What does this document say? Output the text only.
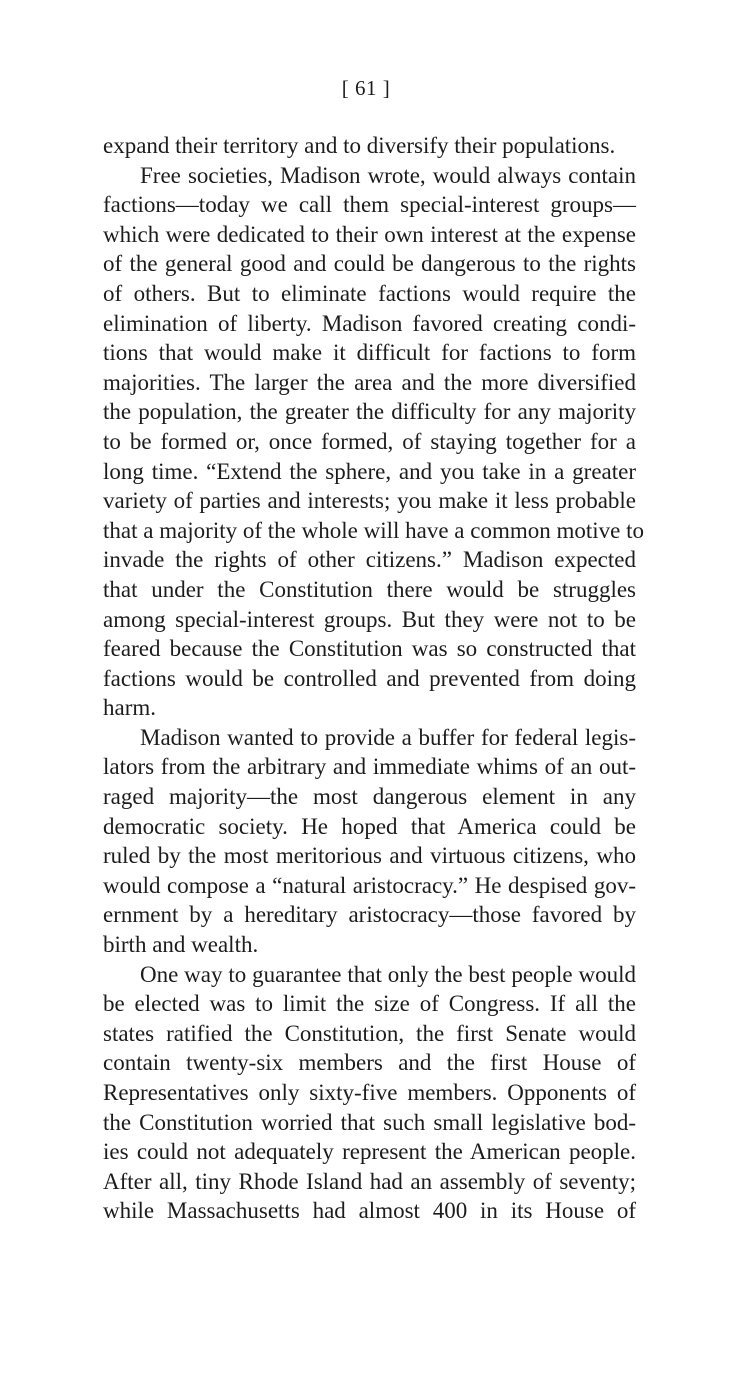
[ 61 ]
expand their territory and to diversify their populations.
Free societies, Madison wrote, would always contain
factions—today we call them special-interest groups—
which were dedicated to their own interest at the expense
of the general good and could be dangerous to the rights
of others. But to eliminate factions would require the
elimination of liberty. Madison favored creating condi-
tions that would make it difficult for factions to form
majorities. The larger the area and the more diversified
the population, the greater the difficulty for any majority
to be formed or, once formed, of staying together for a
long time. “Extend the sphere, and you take in a greater
variety of parties and interests; you make it less probable
that a majority of the whole will have a common motive to
invade the rights of other citizens.” Madison expected
that under the Constitution there would be struggles
among special-interest groups. But they were not to be
feared because the Constitution was so constructed that
factions would be controlled and prevented from doing
harm.
Madison wanted to provide a buffer for federal legis-
lators from the arbitrary and immediate whims of an out-
raged majority—the most dangerous element in any
democratic society. He hoped that America could be
ruled by the most meritorious and virtuous citizens, who
would compose a “natural aristocracy.” He despised gov-
ernment by a hereditary aristocracy—those favored by
birth and wealth.
One way to guarantee that only the best people would
be elected was to limit the size of Congress. If all the
states ratified the Constitution, the first Senate would
contain twenty-six members and the first House of
Representatives only sixty-five members. Opponents of
the Constitution worried that such small legislative bod-
ies could not adequately represent the American people.
After all, tiny Rhode Island had an assembly of seventy;
while Massachusetts had almost 400 in its House of
